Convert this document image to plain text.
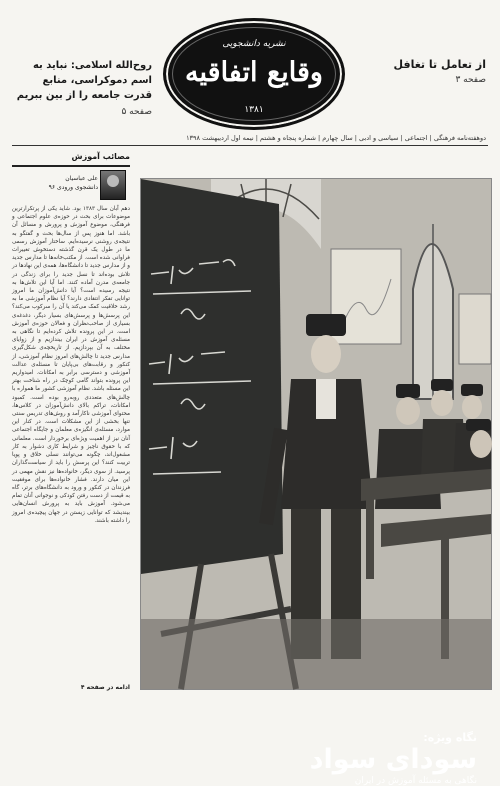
نشریه دانشجویی
وقایع اتفاقیه
۱۳۸۱
از تعامل تا تغافل
صفحه ۳
روح‌الله اسلامی: نباید به اسم دموکراسی، منابع قدرت جامعه را از بین ببریم
صفحه ۵
دوهفته‌نامه فرهنگی | اجتماعی | سیاسی و ادبی | سال چهارم | شماره پنجاه و هشتم | نیمه اول اردیبهشت ۱۳۹۸
مصائب آموزش
علی عباسیان
دانشجوی ورودی ۹۶
دهم آبان سال ۱۳۸۳ بود. شاید یکی از پرتکرارترین موضوعات برای بحث در حوزه‌ی علوم اجتماعی و فرهنگی، موضوع آموزش و پرورش و مسائل آن باشد. اما هنوز پس از سال‌ها بحث و گفتگو به نتیجه‌ی روشنی نرسیده‌ایم. ساختار آموزش رسمی ما در طول یک قرن گذشته دستخوش تغییرات فراوانی شده است. از مکتب‌خانه‌ها تا مدارس جدید و از مدارس جدید تا دانشگاه‌ها، همه‌ی این نهادها در تلاش بوده‌اند تا نسل جدید را برای زندگی در جامعه‌ی مدرن آماده کنند. اما آیا این تلاش‌ها به نتیجه رسیده است؟ آیا دانش‌آموزان ما امروز توانایی تفکر انتقادی دارند؟ آیا نظام آموزشی ما به رشد خلاقیت کمک می‌کند یا آن را سرکوب می‌کند؟ این پرسش‌ها و پرسش‌های بسیار دیگر، دغدغه‌ی بسیاری از صاحب‌نظران و فعالان حوزه‌ی آموزش است. در این پرونده تلاش کرده‌ایم تا نگاهی به مسئله‌ی آموزش در ایران بیندازیم و از زوایای مختلف به آن بپردازیم. از تاریخچه‌ی شکل‌گیری مدارس جدید تا چالش‌های امروز نظام آموزشی، از کنکور و رقابت‌های بی‌پایان تا مسئله‌ی عدالت آموزشی و دسترسی برابر به امکانات. امیدواریم این پرونده بتواند گامی کوچک در راه شناخت بهتر این مسئله باشد. نظام آموزشی کشور ما همواره با چالش‌های متعددی روبه‌رو بوده است. کمبود امکانات، تراکم بالای دانش‌آموزان در کلاس‌ها، محتوای آموزشی ناکارآمد و روش‌های تدریس سنتی تنها بخشی از این مشکلات است. در کنار این موارد، مسئله‌ی انگیزه‌ی معلمان و جایگاه اجتماعی آنان نیز از اهمیت ویژه‌ای برخوردار است. معلمانی که با حقوق ناچیز و شرایط کاری دشوار به کار مشغول‌اند، چگونه می‌توانند نسلی خلاق و پویا تربیت کنند؟ این پرسش را باید از سیاست‌گذاران پرسید. از سوی دیگر، خانواده‌ها نیز نقش مهمی در این میان دارند. فشار خانواده‌ها برای موفقیت فرزندان در کنکور و ورود به دانشگاه‌های برتر، گاه به قیمت از دست رفتن کودکی و نوجوانی آنان تمام می‌شود. آموزش باید به پرورش انسان‌هایی بیندیشد که توانایی زیستن در جهان پیچیده‌ی امروز را داشته باشند.
ادامه در صفحه ۴
نگاه ویژه:
سودای سواد
نگاهی به مسئله آموزش در ایران
